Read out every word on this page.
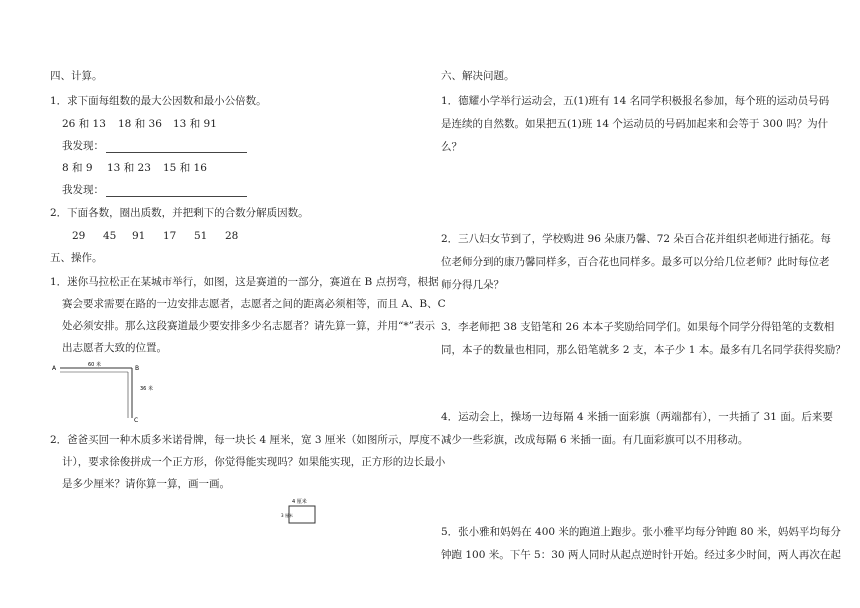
四、计算。
1．求下面每组数的最大公因数和最小公倍数。
26 和 13 18 和 36 13 和 91
我发现：
8 和 9 13 和 23 15 和 16
我发现：
2．下面各数，圈出质数，并把剩下的合数分解质因数。
29 45 91 17 51 28
五、操作。
1．迷你马拉松正在某城市举行，如图，这是赛道的一部分，赛道在 B 点拐弯，根据
赛会要求需要在路的一边安排志愿者，志愿者之间的距离必须相等，而且 A、B、C
处必须安排。那么这段赛道最少要安排多少名志愿者？请先算一算，并用“*”表示
出志愿者大致的位置。
A	B
C
60 米
36 米
2．爸爸买回一种木质多米诺骨牌，每一块长 4 厘米，宽 3 厘米（如图所示，厚度不
计），要求徐俊拼成一个正方形，你觉得能实现吗？如果能实现，正方形的边长最小
是多少厘米？请你算一算，画一画。
4 厘米
3 厘米
六、解决问题。
1．德耀小学举行运动会，五(1)班有 14 名同学积极报名参加，每个班的运动员号码
是连续的自然数。如果把五(1)班 14 个运动员的号码加起来和会等于 300 吗？为什
么？
2．三八妇女节到了，学校购进 96 朵康乃馨、72 朵百合花并组织老师进行插花。每
位老师分到的康乃馨同样多，百合花也同样多。最多可以分给几位老师？此时每位老
师分得几朵？
3．李老师把 38 支铅笔和 26 本本子奖励给同学们。如果每个同学分得铅笔的支数相
同，本子的数量也相同，那么铅笔就多 2 支，本子少 1 本。最多有几名同学获得奖励？
4．运动会上，操场一边每隔 4 米插一面彩旗（两端都有），一共插了 31 面。后来要
减少一些彩旗，改成每隔 6 米插一面。有几面彩旗可以不用移动。
5．张小雅和妈妈在 400 米的跑道上跑步。张小雅平均每分钟跑 80 米，妈妈平均每分
钟跑 100 米。下午 5：30 两人同时从起点逆时针开始。经过多少时间，两人再次在起
